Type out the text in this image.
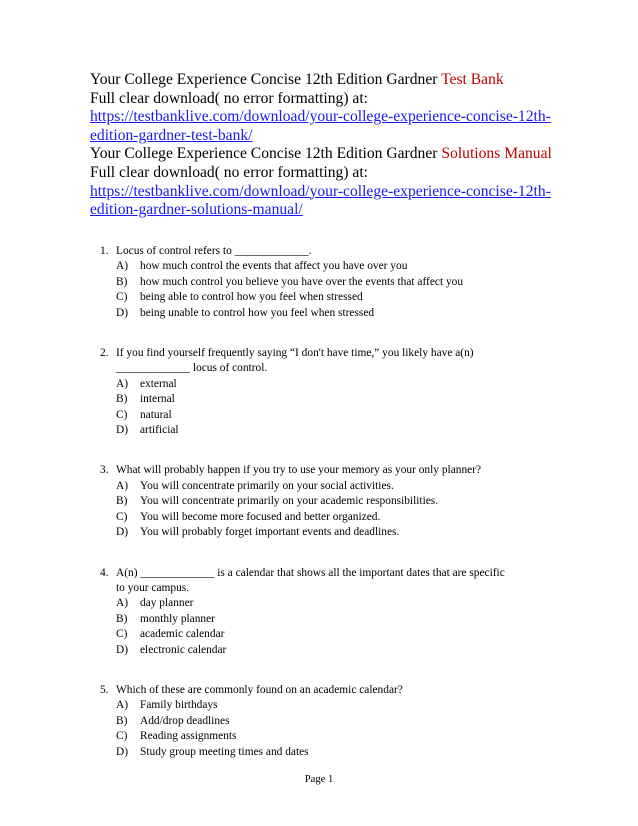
Your College Experience Concise 12th Edition Gardner Test Bank
Full clear download( no error formatting) at:
https://testbanklive.com/download/your-college-experience-concise-12th-
edition-gardner-test-bank/
Your College Experience Concise 12th Edition Gardner Solutions Manual
Full clear download( no error formatting) at:
https://testbanklive.com/download/your-college-experience-concise-12th-
edition-gardner-solutions-manual/
1. Locus of control refers to _____________.
A)	how much control the events that affect you have over you
B)	how much control you believe you have over the events that affect you
C)	being able to control how you feel when stressed
D)	being unable to control how you feel when stressed
2. If you find yourself frequently saying “I don't have time,” you likely have a(n)
_____________ locus of control.
A)	external
B)	internal
C)	natural
D)	artificial
3. What will probably happen if you try to use your memory as your only planner?
A)	You will concentrate primarily on your social activities.
B)	You will concentrate primarily on your academic responsibilities.
C)	You will become more focused and better organized.
D)	You will probably forget important events and deadlines.
4. A(n) _____________ is a calendar that shows all the important dates that are specific
to your campus.
A)	day planner
B)	monthly planner
C)	academic calendar
D)	electronic calendar
5. Which of these are commonly found on an academic calendar?
A)	Family birthdays
B)	Add/drop deadlines
C)	Reading assignments
D)	Study group meeting times and dates
Page 1
